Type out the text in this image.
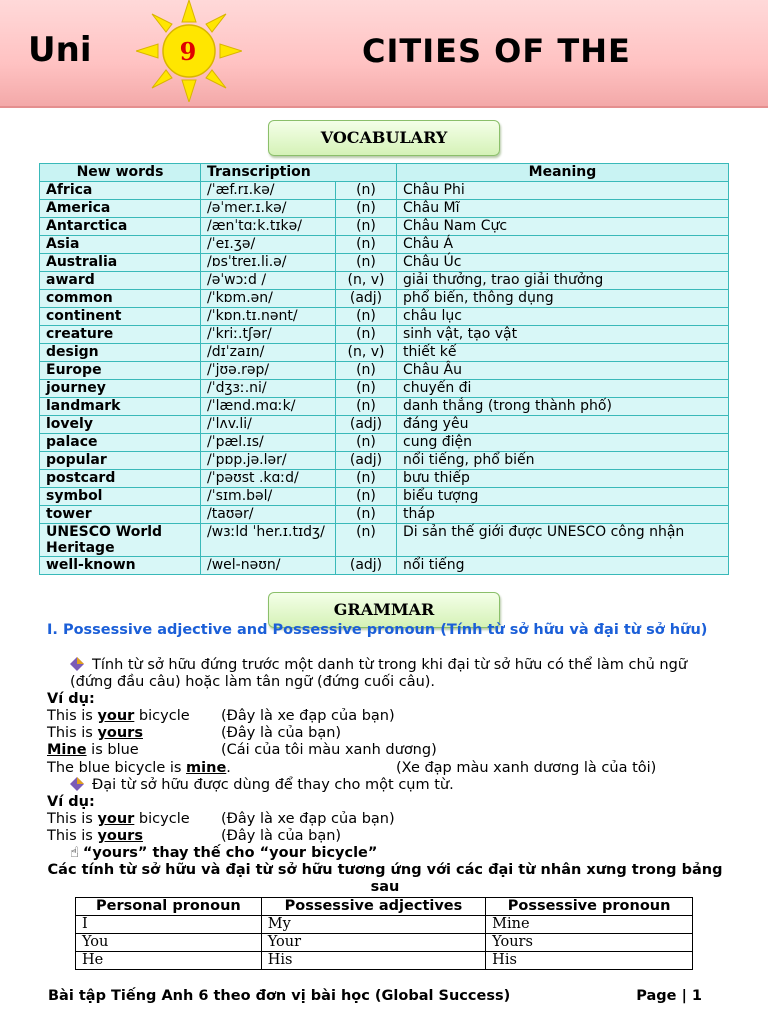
Uni	9	CITIES OF THE
VOCABULARY
New words	Transcription		Meaning
Africa	/ˈæf.rɪ.kə/	(n)	Châu Phi
America	/əˈmer.ɪ.kə/	(n)	Châu Mĩ
Antarctica	/ænˈtɑːk.tɪkə/	(n)	Châu Nam Cực
Asia	/ˈeɪ.ʒə/	(n)	Châu Á
Australia	/ɒsˈtreɪ.li.ə/	(n)	Châu Úc
award	/əˈwɔːd /	(n, v)	giải thưởng, trao giải thưởng
common	/ˈkɒm.ən/	(adj)	phổ biến, thông dụng
continent	/ˈkɒn.tɪ.nənt/	(n)	châu lục
creature	/ˈkriː.tʃər/	(n)	sinh vật, tạo vật
design	/dɪˈzaɪn/	(n, v)	thiết kế
Europe	/ˈjʊə.rəp/	(n)	Châu Âu
journey	/ˈdʒɜː.ni/	(n)	chuyến đi
landmark	/ˈlænd.mɑːk/	(n)	danh thắng (trong thành phố)
lovely	/ˈlʌv.li/	(adj)	đáng yêu
palace	/ˈpæl.ɪs/	(n)	cung điện
popular	/ˈpɒp.jə.lər/	(adj)	nổi tiếng, phổ biến
postcard	/ˈpəʊst .kɑːd/	(n)	bưu thiếp
symbol	/ˈsɪm.bəl/	(n)	biểu tượng
tower	/taʊər/	(n)	tháp
UNESCO World Heritage	/wɜːld ˈher.ɪ.tɪdʒ/	(n)	Di sản thế giới được UNESCO công nhận
well-known	/wel-nəʊn/	(adj)	nổi tiếng
GRAMMAR
I. Possessive adjective and Possessive pronoun (Tính từ sở hữu và đại từ sở hữu)
Tính từ sở hữu đứng trước một danh từ trong khi đại từ sở hữu có thể làm chủ ngữ (đứng đầu câu) hoặc làm tân ngữ (đứng cuối câu).
Ví dụ:
This is your bicycle (Đây là xe đạp của bạn)
This is yours	(Đây là của bạn)
Mine is blue	(Cái của tôi màu xanh dương)
The blue bicycle is mine.	(Xe đạp màu xanh dương là của tôi)
Đại từ sở hữu được dùng để thay cho một cụm từ.
Ví dụ:
This is your bicycle (Đây là xe đạp của bạn)
This is yours	(Đây là của bạn)
☝ “yours” thay thế cho “your bicycle”
Các tính từ sở hữu và đại từ sở hữu tương ứng với các đại từ nhân xưng trong bảng sau
Personal pronoun	Possessive adjectives	Possessive pronoun
I	My	Mine
You	Your	Yours
He	His	His
Bài tập Tiếng Anh 6 theo đơn vị bài học (Global Success)	Page | 1
